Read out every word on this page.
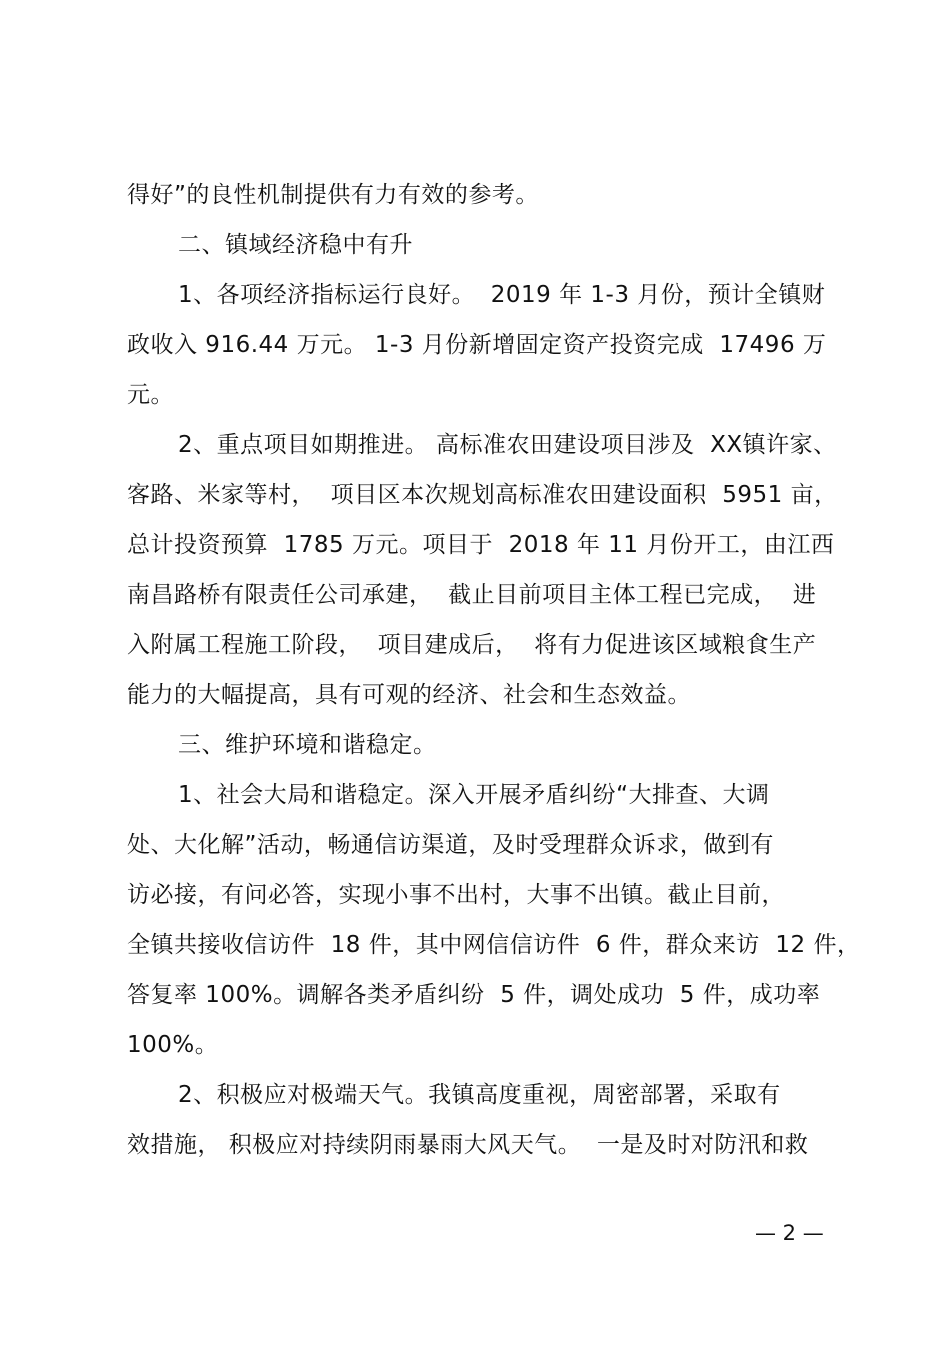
得好”的良性机制提供有力有效的参考。
二、镇域经济稳中有升
1、各项经济指标运行良好。  2019 年 1-3 月份，预计全镇财
政收入 916.44 万元。 1-3 月份新增固定资产投资完成  17496 万
元。
2、重点项目如期推进。 高标准农田建设项目涉及  XX镇许家、
客路、米家等村，  项目区本次规划高标准农田建设面积  5951 亩，
总计投资预算  1785 万元。项目于  2018 年 11 月份开工，由江西
南昌路桥有限责任公司承建，  截止目前项目主体工程已完成，  进
入附属工程施工阶段，  项目建成后，  将有力促进该区域粮食生产
能力的大幅提高，具有可观的经济、社会和生态效益。
三、维护环境和谐稳定。
1、社会大局和谐稳定。深入开展矛盾纠纷“大排查、大调
处、大化解”活动，畅通信访渠道，及时受理群众诉求，做到有
访必接，有问必答，实现小事不出村，大事不出镇。截止目前，
全镇共接收信访件  18 件，其中网信信访件  6 件，群众来访  12 件，
答复率 100%。调解各类矛盾纠纷  5 件，调处成功  5 件，成功率
100%。
2、积极应对极端天气。我镇高度重视，周密部署，采取有
效措施， 积极应对持续阴雨暴雨大风天气。  一是及时对防汛和救
— 2 —
